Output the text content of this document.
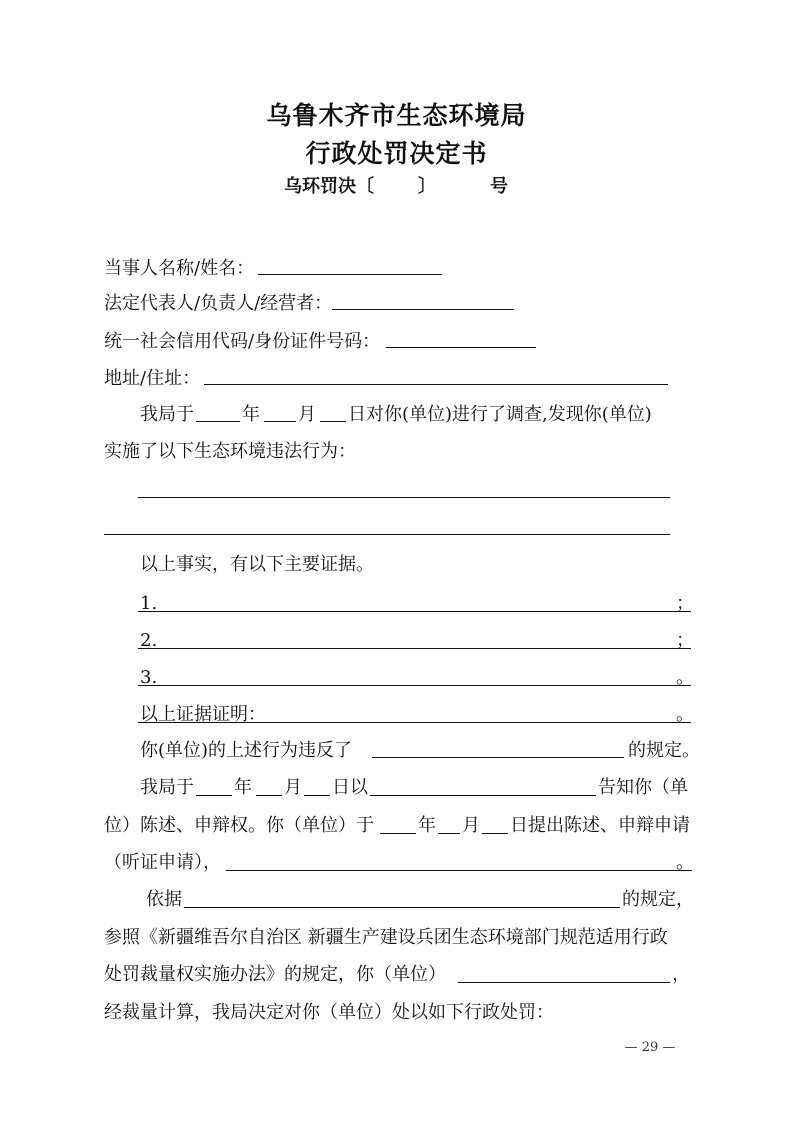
乌鲁木齐市生态环境局
行政处罚决定书
乌环罚决〔 〕	号
当事人名称/姓名：
法定代表人/负责人/经营者：
统一社会信用代码/身份证件号码：
地址/住址：
我局于	年 月 日对你(单位)进行了调查,发现你(单位)
实施了以下生态环境违法行为：
以上事实，有以下主要证据。
1.	；
2.	；
3.	。
以上证据证明：	。
你(单位)的上述行为违反了	的规定。
我局于 年 月 日以	告知你（单
位）陈述、申辩权。你（单位）于 年 月 日提出陈述、申辩申请
（听证申请），	。
依据	的规定，
参照《新疆维吾尔自治区 新疆生产建设兵团生态环境部门规范适用行政
处罚裁量权实施办法》的规定，你（单位）	，
经裁量计算，我局决定对你（单位）处以如下行政处罚：
— 29 —
